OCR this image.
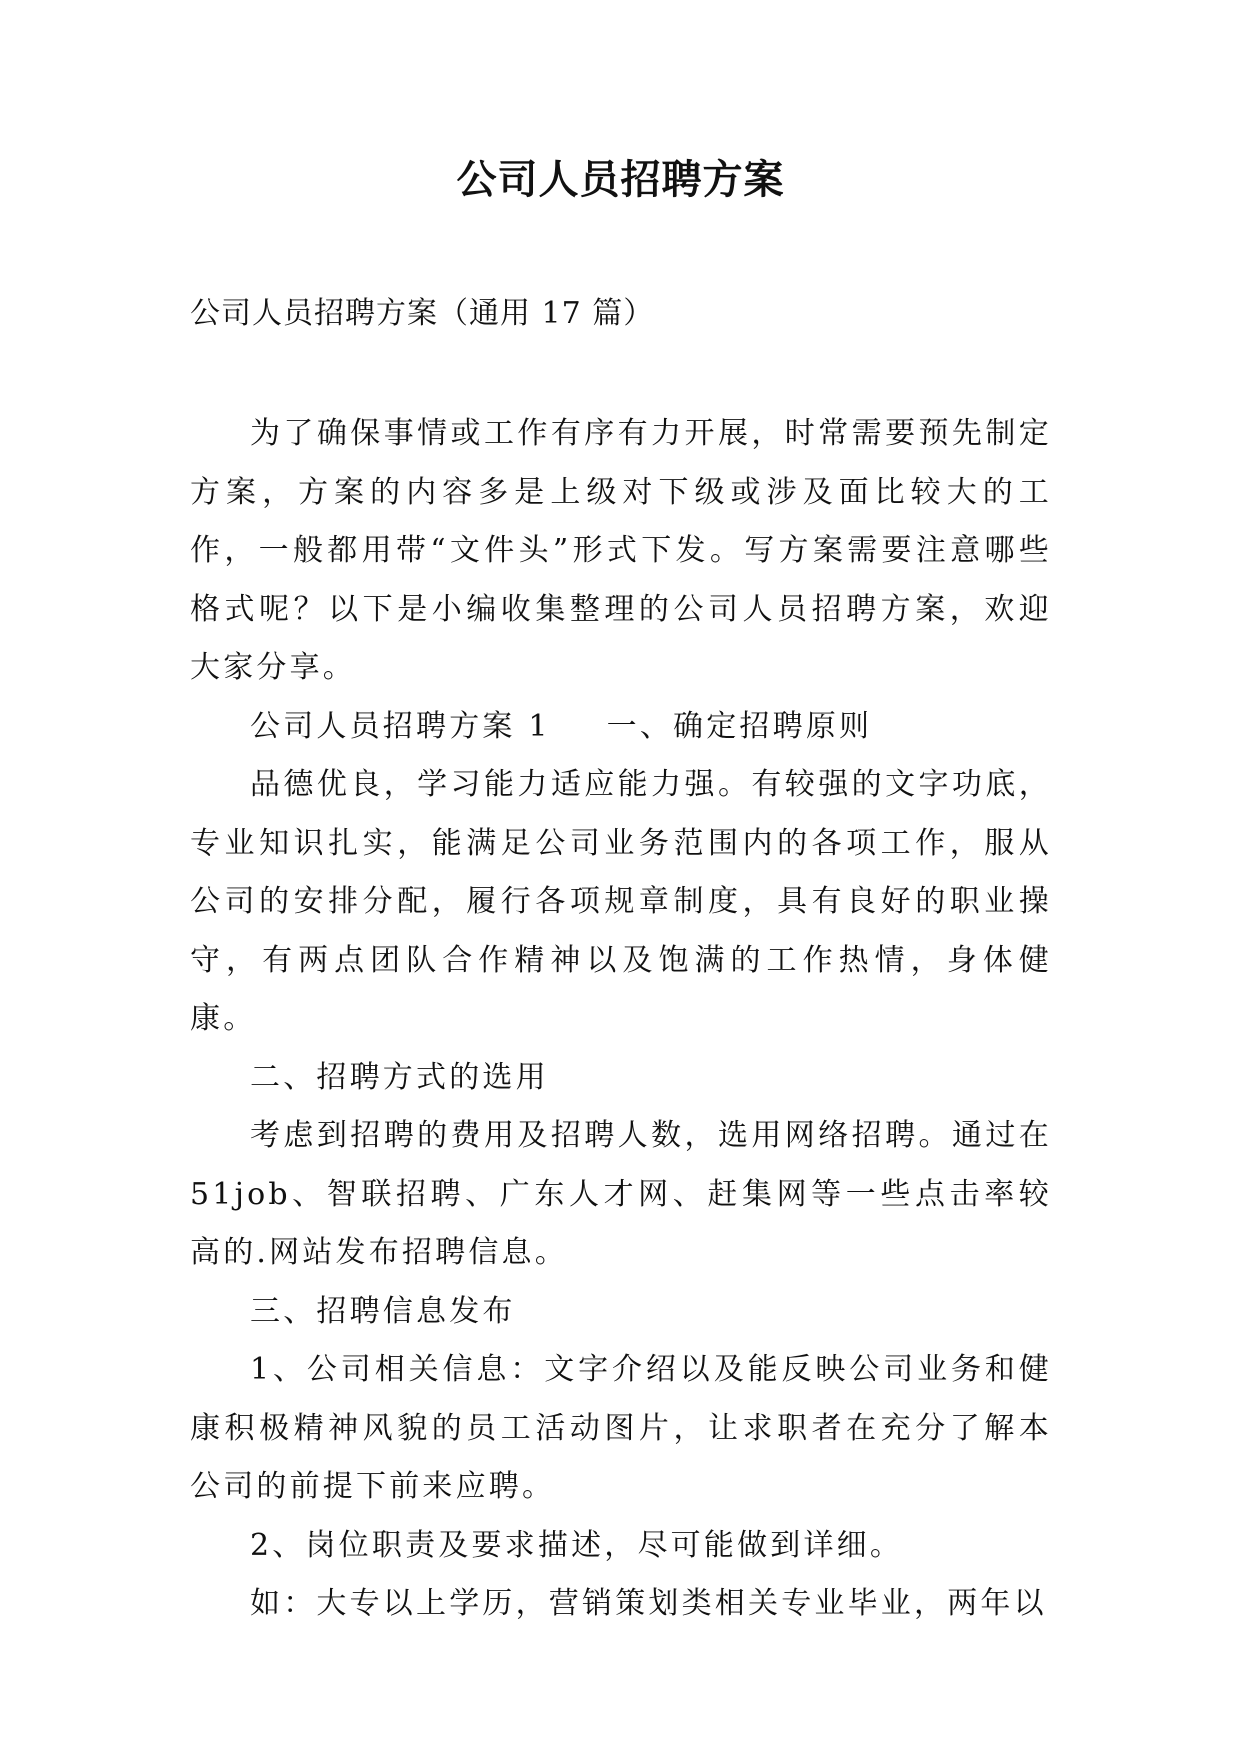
公司人员招聘方案

公司人员招聘方案（通用 17 篇）

为了确保事情或工作有序有力开展，时常需要预先制定方案，方案的内容多是上级对下级或涉及面比较大的工作，一般都用带“文件头”形式下发。写方案需要注意哪些格式呢？以下是小编收集整理的公司人员招聘方案，欢迎大家分享。

公司人员招聘方案 1 一、确定招聘原则

品德优良，学习能力适应能力强。有较强的文字功底，专业知识扎实，能满足公司业务范围内的各项工作，服从公司的安排分配，履行各项规章制度，具有良好的职业操守，有两点团队合作精神以及饱满的工作热情，身体健康。

二、招聘方式的选用

考虑到招聘的费用及招聘人数，选用网络招聘。通过在51job、智联招聘、广东人才网、赶集网等一些点击率较高的.网站发布招聘信息。

三、招聘信息发布

1、公司相关信息：文字介绍以及能反映公司业务和健康积极精神风貌的员工活动图片，让求职者在充分了解本公司的前提下前来应聘。

2、岗位职责及要求描述，尽可能做到详细。

如：大专以上学历，营销策划类相关专业毕业，两年以
